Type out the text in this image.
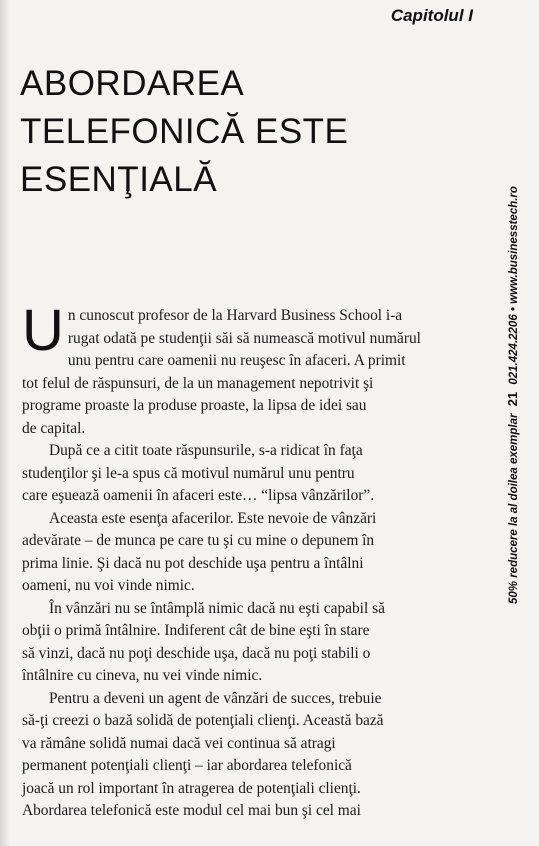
Capitolul I
ABORDAREA
TELEFONICĂ ESTE
ESENŢIALĂ
50% reducere la al doilea exemplar 21 021.424.2206 • www.businesstech.ro

U n cunoscut profesor de la Harvard Business School i-a
rugat odată pe studenţii săi să numească motivul numărul
unu pentru care oamenii nu reuşesc în afaceri. A primit
tot felul de răspunsuri, de la un management nepotrivit şi
programe proaste la produse proaste, la lipsa de idei sau
de capital.

După ce a citit toate răspunsurile, s-a ridicat în faţa
studenţilor şi le-a spus că motivul numărul unu pentru
care eşuează oamenii în afaceri este… “lipsa vânzărilor”.

Aceasta este esenţa afacerilor. Este nevoie de vânzări
adevărate – de munca pe care tu şi cu mine o depunem în
prima linie. Şi dacă nu pot deschide uşa pentru a întâlni
oameni, nu voi vinde nimic.

În vânzări nu se întâmplă nimic dacă nu eşti capabil să
obţii o primă întâlnire. Indiferent cât de bine eşti în stare
să vinzi, dacă nu poţi deschide uşa, dacă nu poţi stabili o
întâlnire cu cineva, nu vei vinde nimic.

Pentru a deveni un agent de vânzări de succes, trebuie
să-ţi creezi o bază solidă de potenţiali clienţi. Această bază
va rămâne solidă numai dacă vei continua să atragi
permanent potenţiali clienţi – iar abordarea telefonică
joacă un rol important în atragerea de potenţiali clienţi.
Abordarea telefonică este modul cel mai bun şi cel mai
